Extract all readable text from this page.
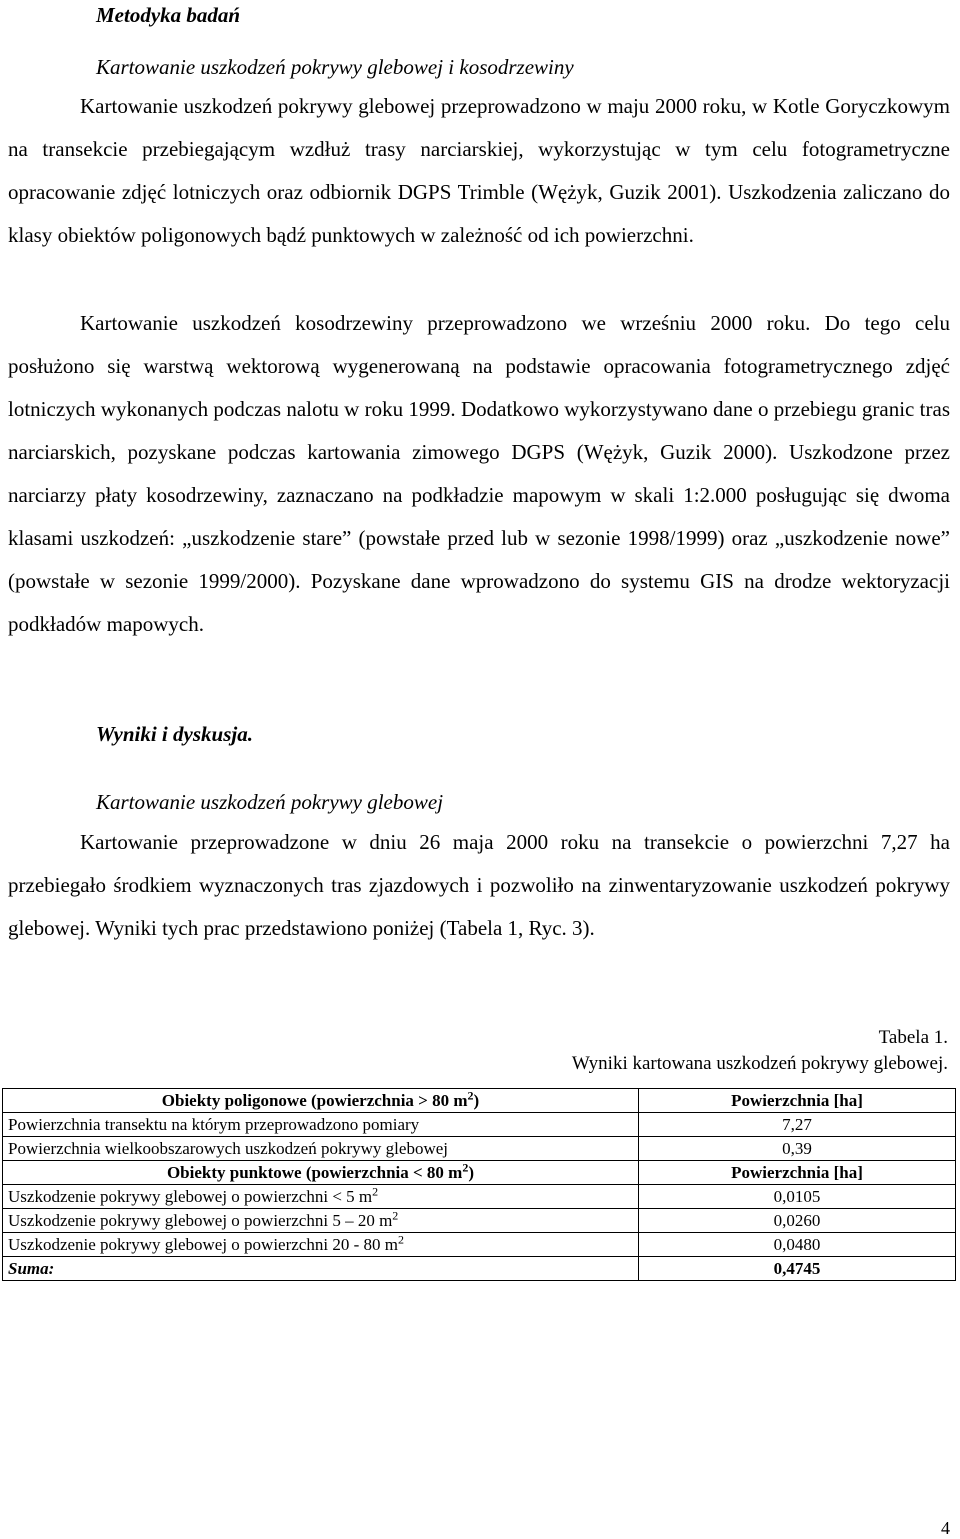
Metodyka badań

Kartowanie uszkodzeń pokrywy glebowej i kosodrzewiny

Kartowanie uszkodzeń pokrywy glebowej przeprowadzono w maju 2000 roku, w Kotle Goryczkowym na transekcie przebiegającym wzdłuż trasy narciarskiej, wykorzystując w tym celu fotogrametryczne opracowanie zdjęć lotniczych oraz odbiornik DGPS Trimble (Wężyk, Guzik 2001). Uszkodzenia zaliczano do klasy obiektów poligonowych bądź punktowych w zależność od ich powierzchni.

Kartowanie uszkodzeń kosodrzewiny przeprowadzono we wrześniu 2000 roku. Do tego celu posłużono się warstwą wektorową wygenerowaną na podstawie opracowania fotogrametrycznego zdjęć lotniczych wykonanych podczas nalotu w roku 1999. Dodatkowo wykorzystywano dane o przebiegu granic tras narciarskich, pozyskane podczas kartowania zimowego DGPS (Wężyk, Guzik 2000). Uszkodzone przez narciarzy płaty kosodrzewiny, zaznaczano na podkładzie mapowym w skali 1:2.000 posługując się dwoma klasami uszkodzeń: „uszkodzenie stare” (powstałe przed lub w sezonie 1998/1999) oraz „uszkodzenie nowe” (powstałe w sezonie 1999/2000). Pozyskane dane wprowadzono do systemu GIS na drodze wektoryzacji podkładów mapowych.

Wyniki i dyskusja.

Kartowanie uszkodzeń pokrywy glebowej

Kartowanie przeprowadzone w dniu 26 maja 2000 roku na transekcie o powierzchni 7,27 ha przebiegało środkiem wyznaczonych tras zjazdowych i pozwoliło na zinwentaryzowanie uszkodzeń pokrywy glebowej. Wyniki tych prac przedstawiono poniżej (Tabela 1, Ryc. 3).

Tabela 1.

Wyniki kartowana uszkodzeń pokrywy glebowej.

Obiekty poligonowe (powierzchnia > 80 $m^2$)	Powierzchnia [ha]
Powierzchnia transektu na którym przeprowadzono pomiary	7,27
Powierzchnia wielkoobszarowych uszkodzeń pokrywy glebowej	0,39
Obiekty punktowe (powierzchnia < 80 $m^2$)	Powierzchnia [ha]
Uszkodzenie pokrywy glebowej o powierzchni < 5 $m^2$	0,0105
Uszkodzenie pokrywy glebowej o powierzchni 5 – 20 $m^2$	0,0260
Uszkodzenie pokrywy glebowej o powierzchni 20 - 80 $m^2$	0,0480
Suma:	0,4745

4
